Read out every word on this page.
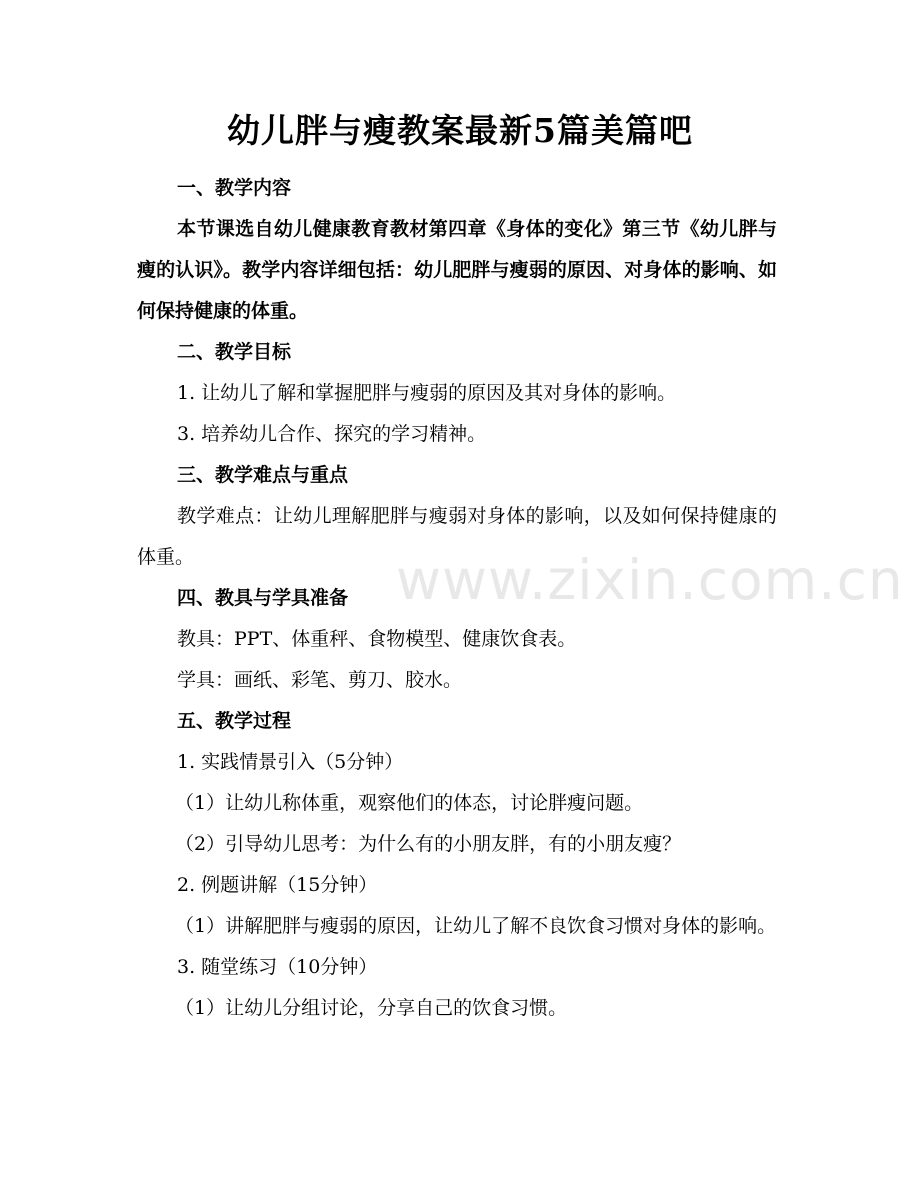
幼儿胖与瘦教案最新5篇美篇吧
www.zixin.com.cn
一、教学内容
本节课选自幼儿健康教育教材第四章《身体的变化》第三节《幼儿胖与瘦的认识》。教学内容详细包括：幼儿肥胖与瘦弱的原因、对身体的影响、如何保持健康的体重。
二、教学目标
1. 让幼儿了解和掌握肥胖与瘦弱的原因及其对身体的影响。
3. 培养幼儿合作、探究的学习精神。
三、教学难点与重点
教学难点：让幼儿理解肥胖与瘦弱对身体的影响，以及如何保持健康的体重。
四、教具与学具准备
教具：PPT、体重秤、食物模型、健康饮食表。
学具：画纸、彩笔、剪刀、胶水。
五、教学过程
1. 实践情景引入（5分钟）
（1）让幼儿称体重，观察他们的体态，讨论胖瘦问题。
（2）引导幼儿思考：为什么有的小朋友胖，有的小朋友瘦？
2. 例题讲解（15分钟）
（1）讲解肥胖与瘦弱的原因，让幼儿了解不良饮食习惯对身体的影响。
3. 随堂练习（10分钟）
（1）让幼儿分组讨论，分享自己的饮食习惯。
